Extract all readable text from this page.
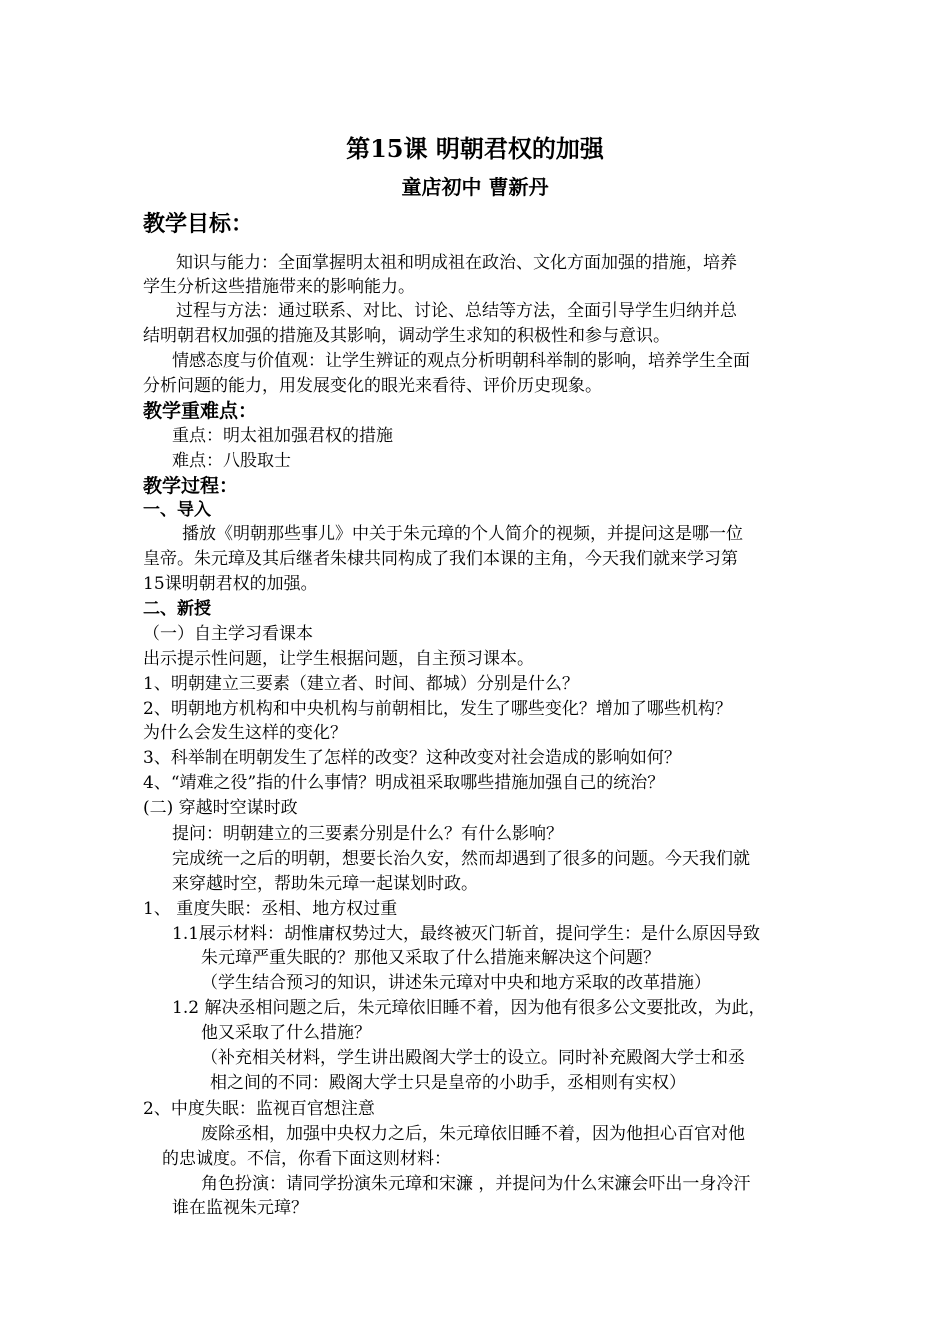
第15课 明朝君权的加强
童店初中 曹新丹
教学目标：
知识与能力：全面掌握明太祖和明成祖在政治、文化方面加强的措施，培养
学生分析这些措施带来的影响能力。
过程与方法：通过联系、对比、讨论、总结等方法，全面引导学生归纳并总
结明朝君权加强的措施及其影响，调动学生求知的积极性和参与意识。
情感态度与价值观：让学生辨证的观点分析明朝科举制的影响，培养学生全面
分析问题的能力，用发展变化的眼光来看待、评价历史现象。
教学重难点：
重点：明太祖加强君权的措施
难点：八股取士
教学过程：
一、导入
播放《明朝那些事儿》中关于朱元璋的个人简介的视频，并提问这是哪一位
皇帝。朱元璋及其后继者朱棣共同构成了我们本课的主角，今天我们就来学习第
15课明朝君权的加强。
二、新授
（一）自主学习看课本
出示提示性问题，让学生根据问题，自主预习课本。
1、明朝建立三要素（建立者、时间、都城）分别是什么？
2、明朝地方机构和中央机构与前朝相比，发生了哪些变化？增加了哪些机构？
为什么会发生这样的变化？
3、科举制在明朝发生了怎样的改变？这种改变对社会造成的影响如何？
4、“靖难之役”指的什么事情？明成祖采取哪些措施加强自己的统治？
(二) 穿越时空谋时政
提问：明朝建立的三要素分别是什么？有什么影响？
完成统一之后的明朝，想要长治久安，然而却遇到了很多的问题。今天我们就
来穿越时空，帮助朱元璋一起谋划时政。
1、 重度失眠：丞相、地方权过重
1.1展示材料：胡惟庸权势过大，最终被灭门斩首，提问学生：是什么原因导致
朱元璋严重失眠的？那他又采取了什么措施来解决这个问题？
（学生结合预习的知识，讲述朱元璋对中央和地方采取的改革措施）
1.2 解决丞相问题之后，朱元璋依旧睡不着，因为他有很多公文要批改，为此，
他又采取了什么措施？
（补充相关材料，学生讲出殿阁大学士的设立。同时补充殿阁大学士和丞
相之间的不同：殿阁大学士只是皇帝的小助手，丞相则有实权）
2、中度失眠：监视百官想注意
废除丞相，加强中央权力之后，朱元璋依旧睡不着，因为他担心百官对他
的忠诚度。不信，你看下面这则材料：
角色扮演：请同学扮演朱元璋和宋濂 ，并提问为什么宋濂会吓出一身冷汗
谁在监视朱元璋？
